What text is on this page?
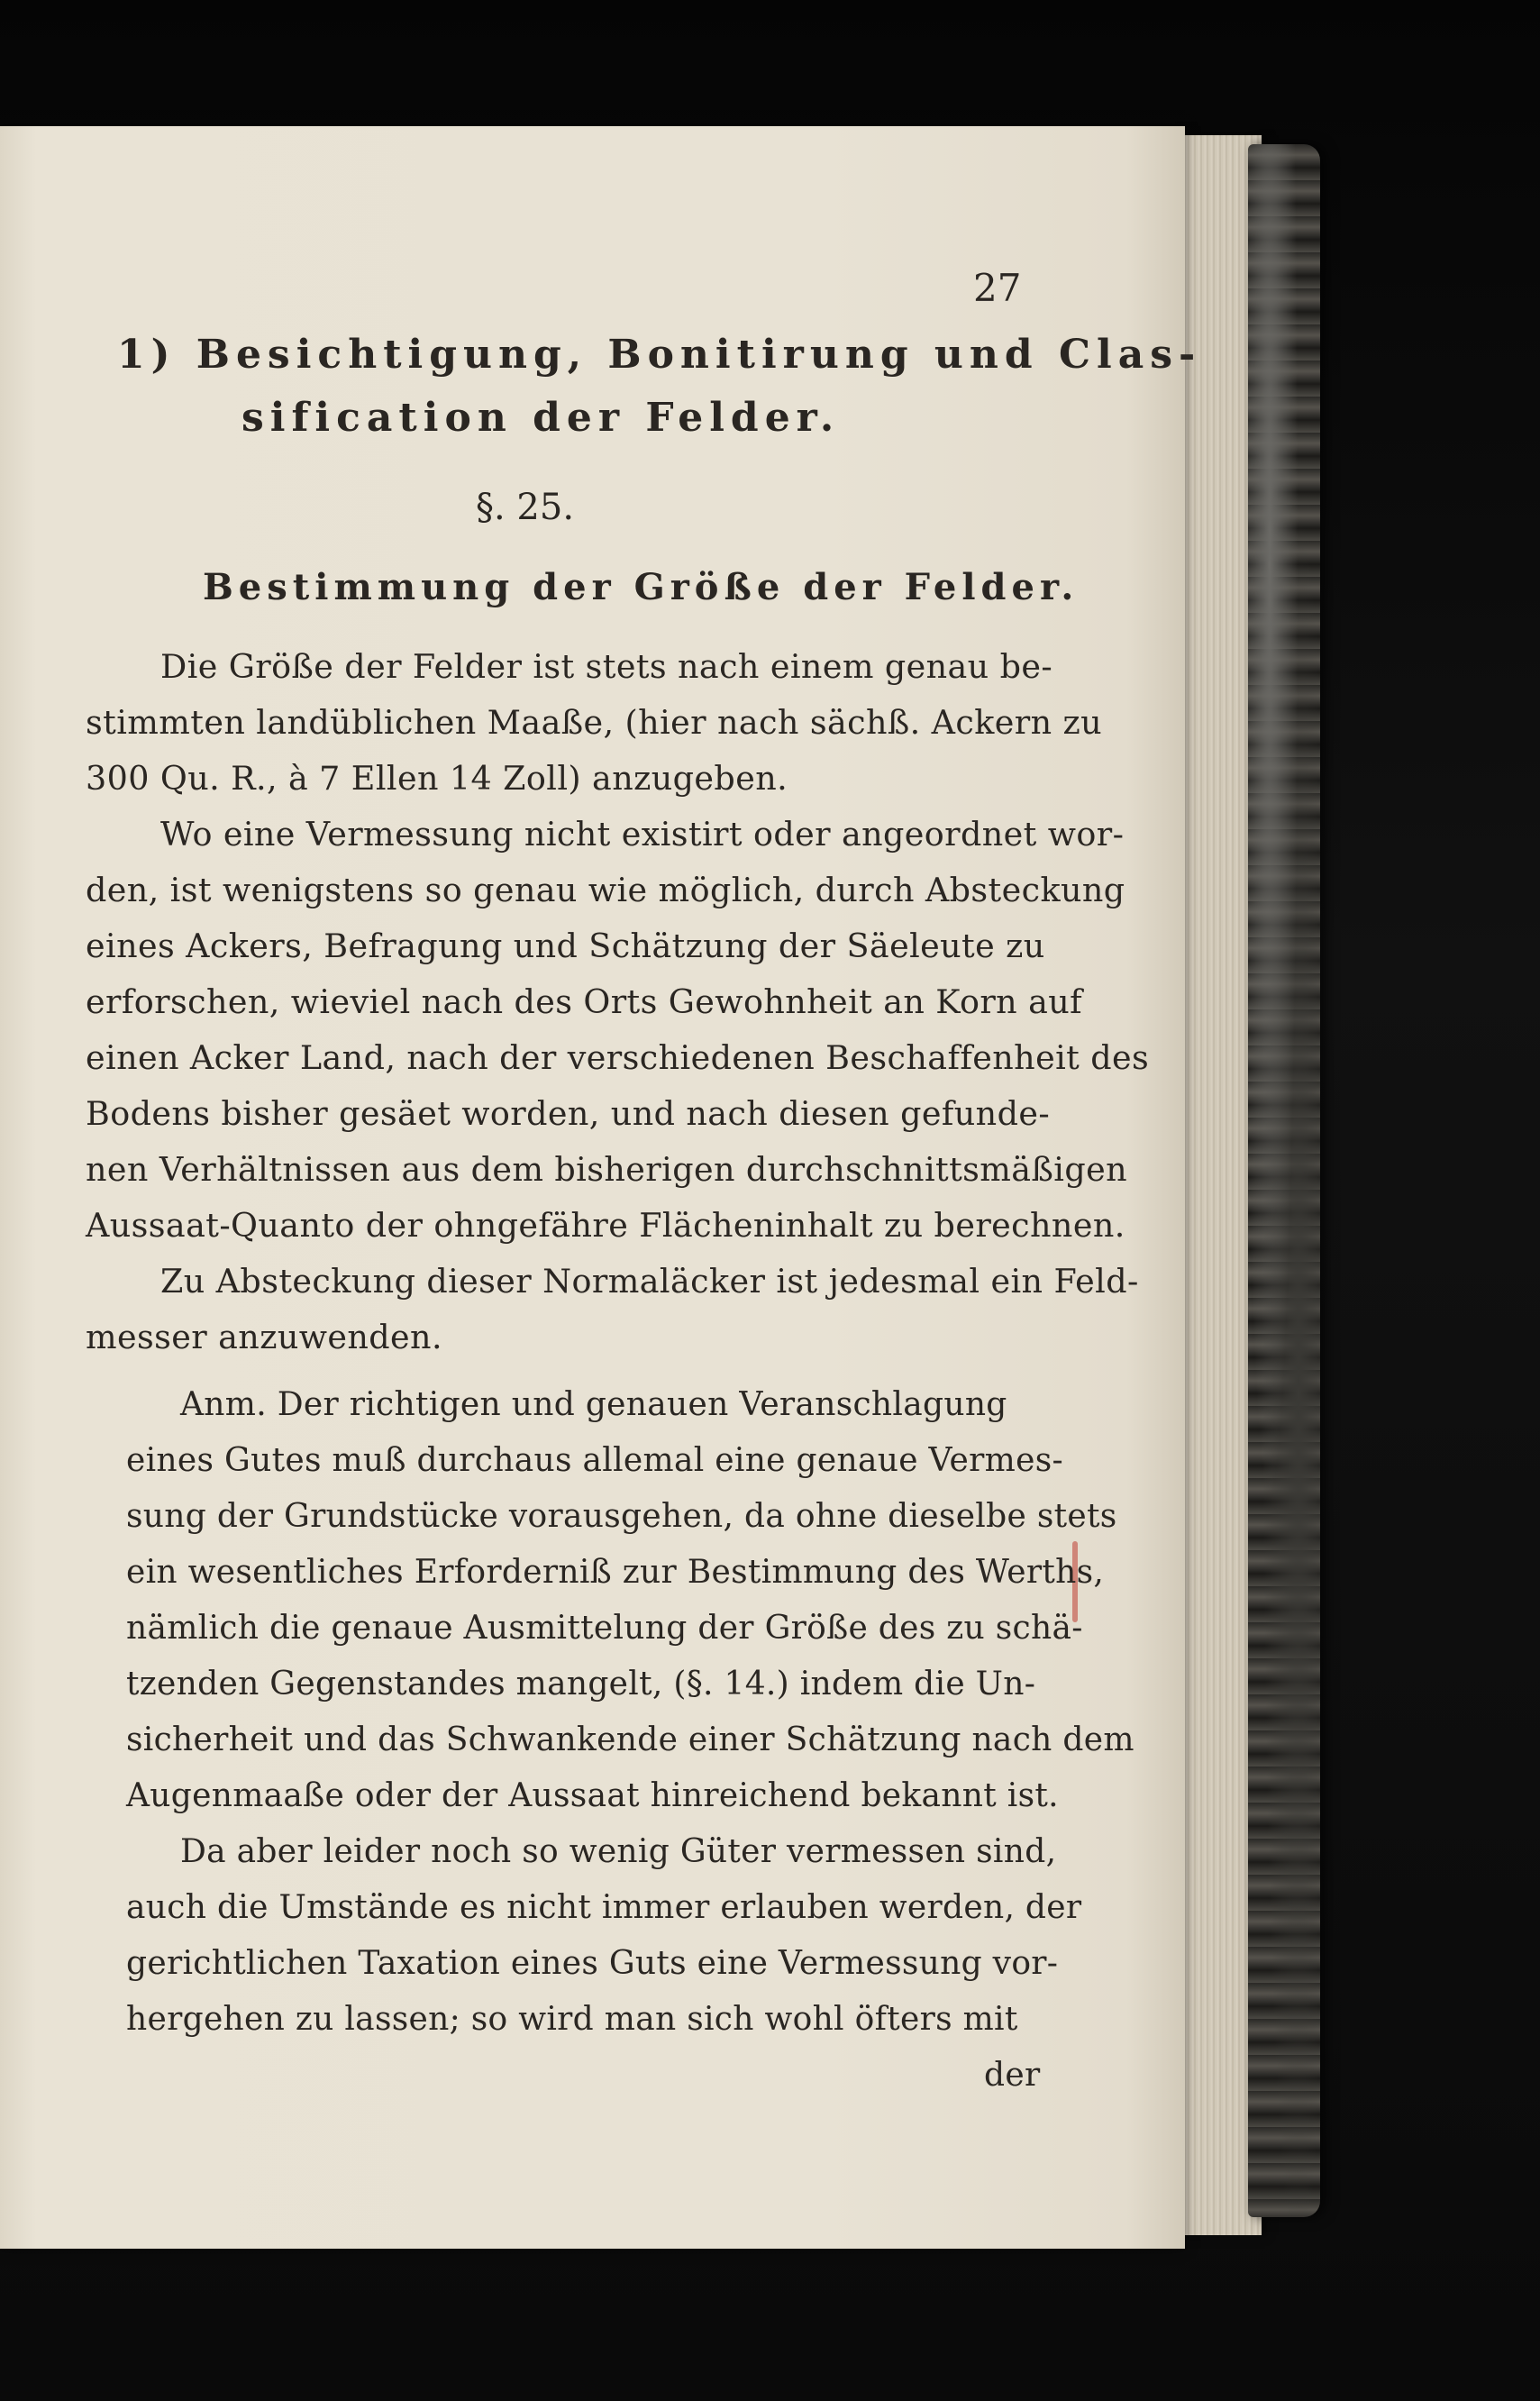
27

1) Besichtigung, Bonitirung und Clas-

sification der Felder.

§. 25.

Bestimmung der Größe der Felder.

Die Größe der Felder ist stets nach einem genau be-

stimmten landüblichen Maaße, (hier nach sächß. Ackern zu

300 Qu. R., à 7 Ellen 14 Zoll) anzugeben.

Wo eine Vermessung nicht existirt oder angeordnet wor-

den, ist wenigstens so genau wie möglich, durch Absteckung

eines Ackers, Befragung und Schätzung der Säeleute zu

erforschen, wieviel nach des Orts Gewohnheit an Korn auf

einen Acker Land, nach der verschiedenen Beschaffenheit des

Bodens bisher gesäet worden, und nach diesen gefunde-

nen Verhältnissen aus dem bisherigen durchschnittsmäßigen

Aussaat-Quanto der ohngefähre Flächeninhalt zu berechnen.

Zu Absteckung dieser Normaläcker ist jedesmal ein Feld-

messer anzuwenden.

Anm. Der richtigen und genauen Veranschlagung

eines Gutes muß durchaus allemal eine genaue Vermes-

sung der Grundstücke vorausgehen, da ohne dieselbe stets

ein wesentliches Erforderniß zur Bestimmung des Werths,

nämlich die genaue Ausmittelung der Größe des zu schä-

tzenden Gegenstandes mangelt, (§. 14.) indem die Un-

sicherheit und das Schwankende einer Schätzung nach dem

Augenmaaße oder der Aussaat hinreichend bekannt ist.

Da aber leider noch so wenig Güter vermessen sind,

auch die Umstände es nicht immer erlauben werden, der

gerichtlichen Taxation eines Guts eine Vermessung vor-

hergehen zu lassen; so wird man sich wohl öfters mit

der
